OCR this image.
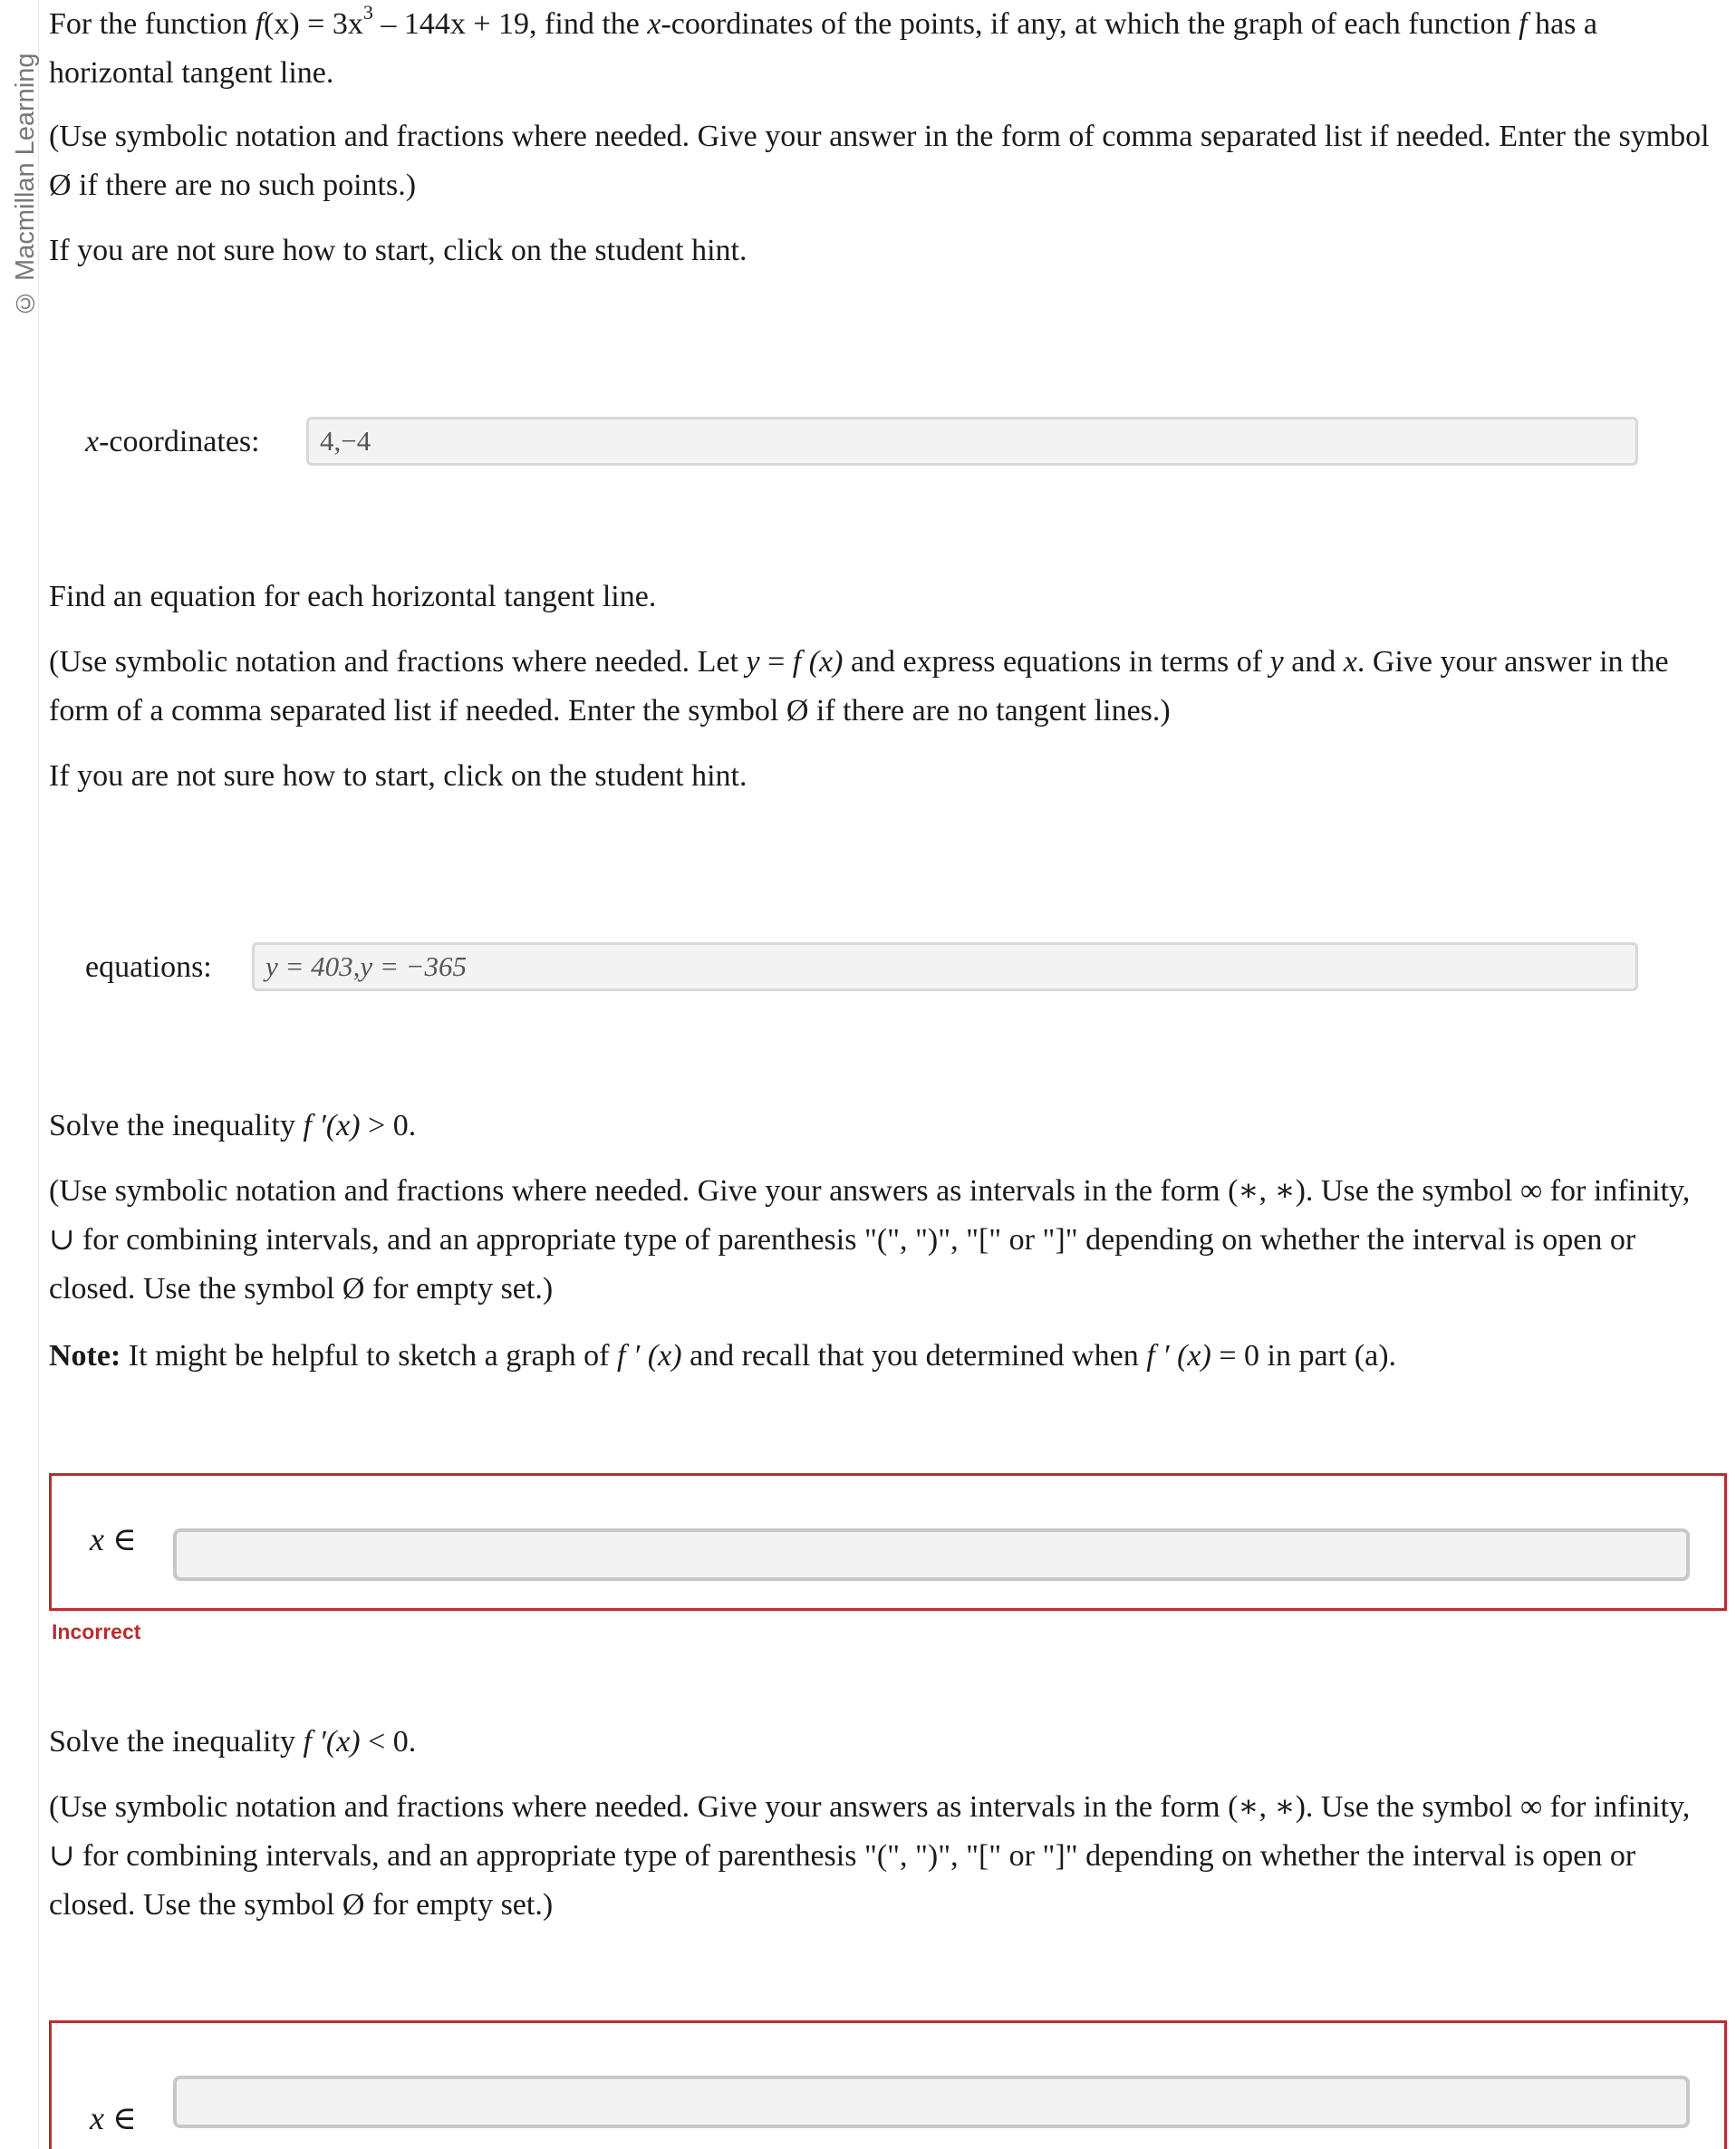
© Macmillan Learning

For the function $f(x) = 3x^3 - 144x + 19$, find the x-coordinates of the points, if any, at which the graph of each function f has a horizontal tangent line.

(Use symbolic notation and fractions where needed. Give your answer in the form of comma separated list if needed. Enter the symbol Ø if there are no such points.)

If you are not sure how to start, click on the student hint.

x-coordinates:	4,−4

Find an equation for each horizontal tangent line.

(Use symbolic notation and fractions where needed. Let y = f (x) and express equations in terms of y and x. Give your answer in the form of a comma separated list if needed. Enter the symbol Ø if there are no tangent lines.)

If you are not sure how to start, click on the student hint.

equations:	y = 403,y = −365

Solve the inequality f ′(x) > 0.

(Use symbolic notation and fractions where needed. Give your answers as intervals in the form (∗, ∗). Use the symbol ∞ for infinity, ∪ for combining intervals, and an appropriate type of parenthesis "(", ")", "[" or "]" depending on whether the interval is open or closed. Use the symbol Ø for empty set.)

Note: It might be helpful to sketch a graph of f ′ (x) and recall that you determined when f ′ (x) = 0 in part (a).

x ∈
Incorrect

Solve the inequality f ′(x) < 0.

(Use symbolic notation and fractions where needed. Give your answers as intervals in the form (∗, ∗). Use the symbol ∞ for infinity, ∪ for combining intervals, and an appropriate type of parenthesis "(", ")", "[" or "]" depending on whether the interval is open or closed. Use the symbol Ø for empty set.)

x ∈
